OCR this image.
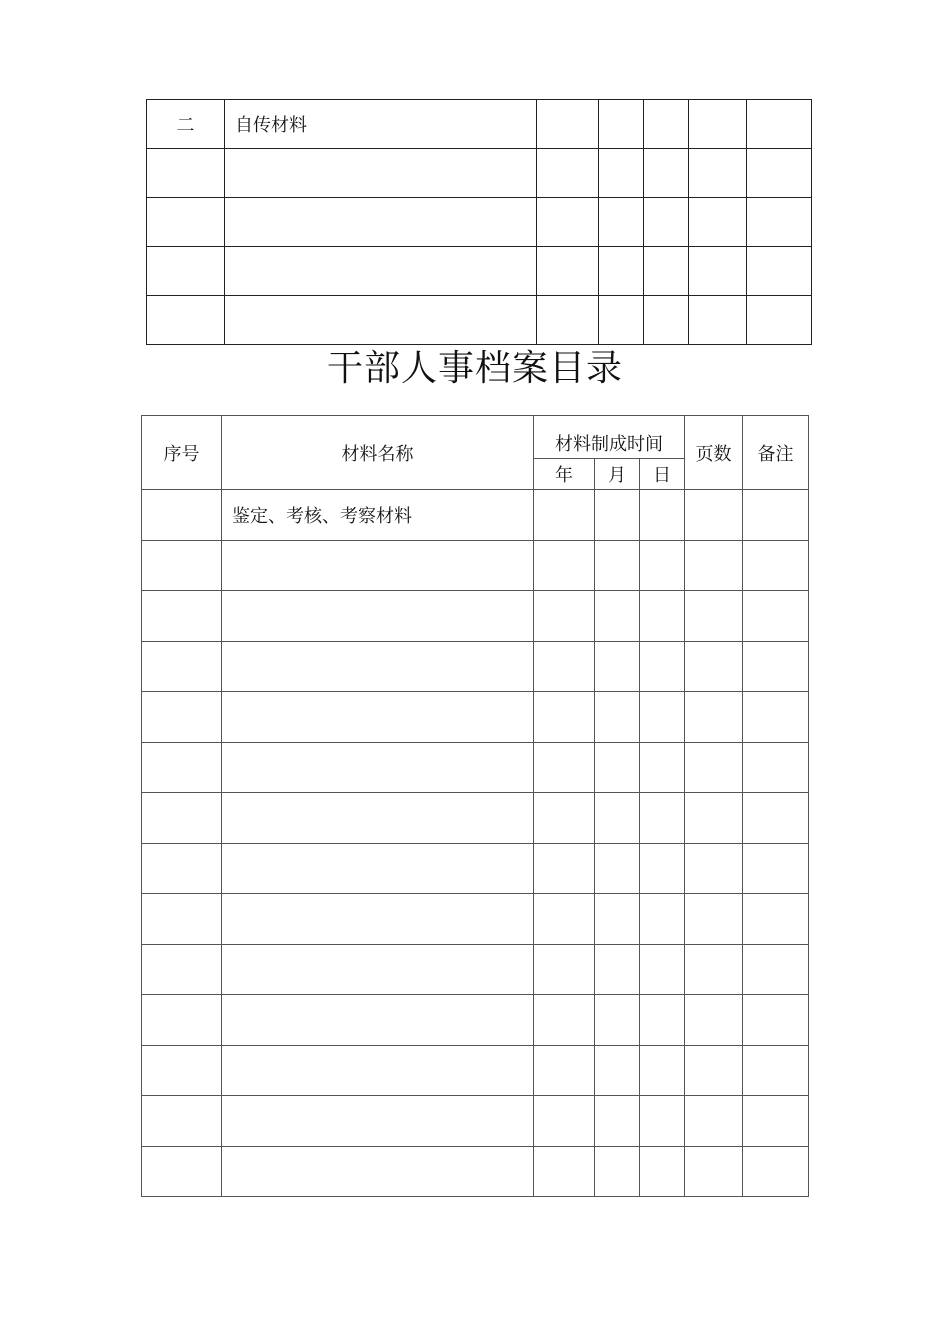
二	自传材料					

干部人事档案目录
序号	材料名称	材料制成时间			页数	备注
		年	月	日		
	鉴定、考核、考察材料					
